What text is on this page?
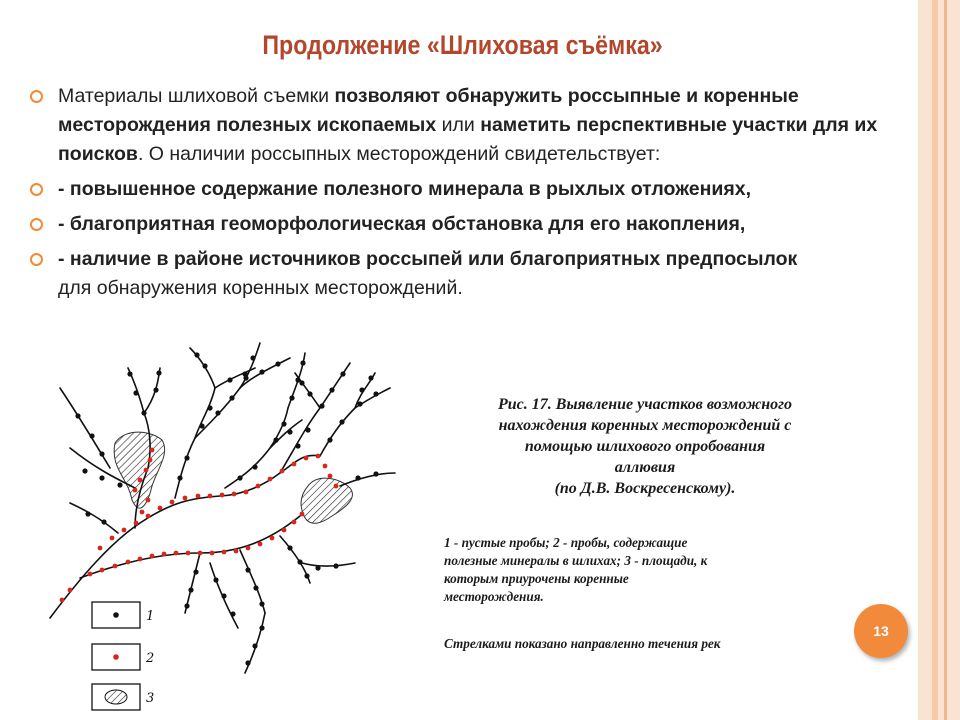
Продолжение «Шлиховая съёмка»
Материалы шлиховой съемки позволяют обнаружить россыпные и коренные месторождения полезных ископаемых или наметить перспективные участки для их поисков. О наличии россыпных месторождений свидетельствует:
- повышенное содержание полезного минерала в рыхлых отложениях,
- благоприятная геоморфологическая обстановка для его накопления,
- наличие в районе источников россыпей или благоприятных предпосылок
для обнаружения коренных месторождений.
1
2
3
Рис. 17. Выявление участков возможного
нахождения коренных месторождений с
помощью шлихового опробования
аллювия
(по Д.В. Воскресенскому).
1 - пустые пробы; 2 - пробы, содержащие
полезные минералы в шлихах; 3 - площади, к
которым приурочены коренные
месторождения.
Стрелками показано направленно течения рек
13
